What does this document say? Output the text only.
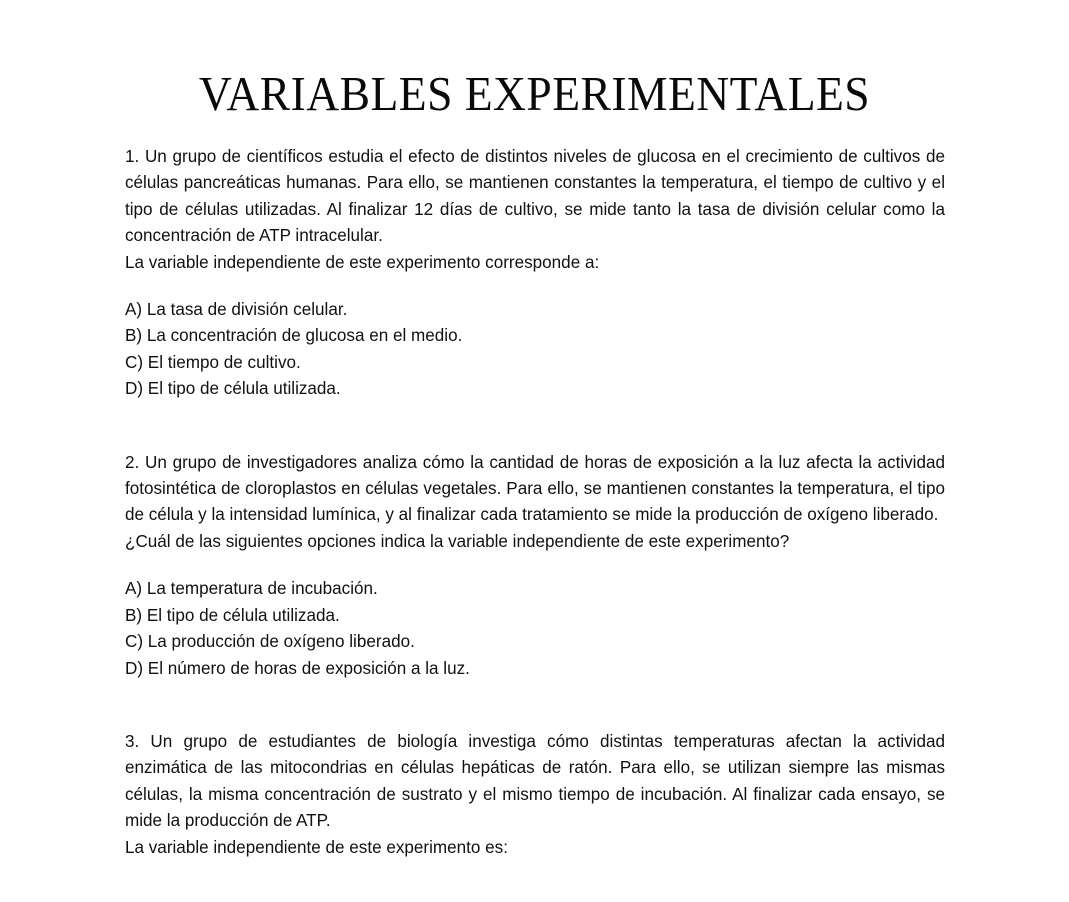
VARIABLES EXPERIMENTALES

1. Un grupo de científicos estudia el efecto de distintos niveles de glucosa en el crecimiento de cultivos de células pancreáticas humanas. Para ello, se mantienen constantes la temperatura, el tiempo de cultivo y el tipo de células utilizadas. Al finalizar 12 días de cultivo, se mide tanto la tasa de división celular como la concentración de ATP intracelular.

La variable independiente de este experimento corresponde a:

A) La tasa de división celular.
B) La concentración de glucosa en el medio.
C) El tiempo de cultivo.
D) El tipo de célula utilizada.

2. Un grupo de investigadores analiza cómo la cantidad de horas de exposición a la luz afecta la actividad fotosintética de cloroplastos en células vegetales. Para ello, se mantienen constantes la temperatura, el tipo de célula y la intensidad lumínica, y al finalizar cada tratamiento se mide la producción de oxígeno liberado.

¿Cuál de las siguientes opciones indica la variable independiente de este experimento?

A) La temperatura de incubación.
B) El tipo de célula utilizada.
C) La producción de oxígeno liberado.
D) El número de horas de exposición a la luz.

3. Un grupo de estudiantes de biología investiga cómo distintas temperaturas afectan la actividad enzimática de las mitocondrias en células hepáticas de ratón. Para ello, se utilizan siempre las mismas células, la misma concentración de sustrato y el mismo tiempo de incubación. Al finalizar cada ensayo, se mide la producción de ATP.

La variable independiente de este experimento es:
